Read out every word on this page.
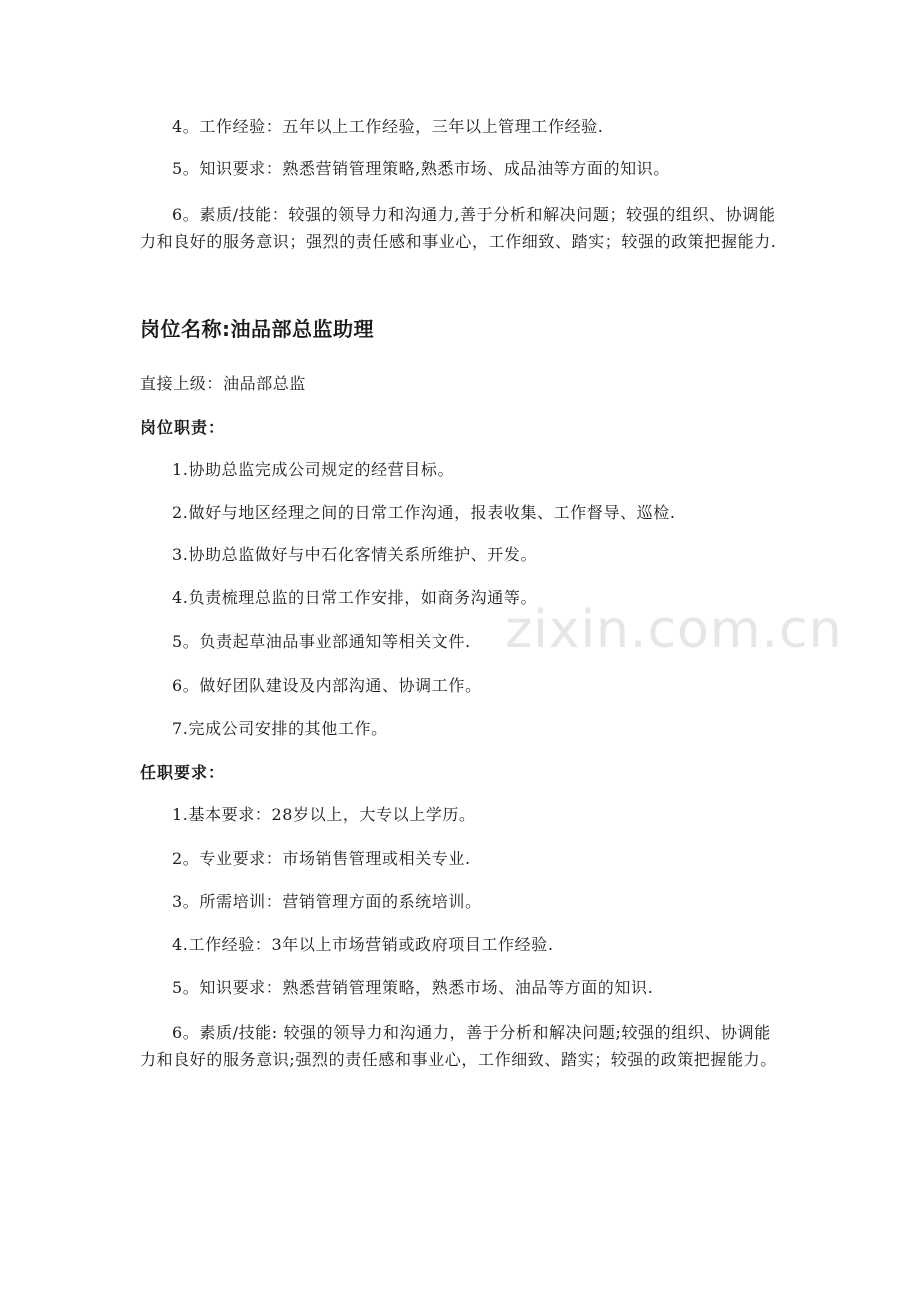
zixin.com.cn

4。工作经验：五年以上工作经验，三年以上管理工作经验.

5。知识要求：熟悉营销管理策略,熟悉市场、成品油等方面的知识。

6。素质/技能：较强的领导力和沟通力,善于分析和解决问题；较强的组织、协调能力和良好的服务意识；强烈的责任感和事业心，工作细致、踏实；较强的政策把握能力.

岗位名称:油品部总监助理

直接上级：油品部总监

岗位职责：

1.协助总监完成公司规定的经营目标。

2.做好与地区经理之间的日常工作沟通，报表收集、工作督导、巡检.

3.协助总监做好与中石化客情关系所维护、开发。

4.负责梳理总监的日常工作安排，如商务沟通等。

5。负责起草油品事业部通知等相关文件.

6。做好团队建设及内部沟通、协调工作。

7.完成公司安排的其他工作。

任职要求：

1.基本要求：28岁以上，大专以上学历。

2。专业要求：市场销售管理或相关专业.

3。所需培训：营销管理方面的系统培训。

4.工作经验：3年以上市场营销或政府项目工作经验.

5。知识要求：熟悉营销管理策略，熟悉市场、油品等方面的知识.

6。素质/技能: 较强的领导力和沟通力，善于分析和解决问题;较强的组织、协调能力和良好的服务意识;强烈的责任感和事业心，工作细致、踏实；较强的政策把握能力。
